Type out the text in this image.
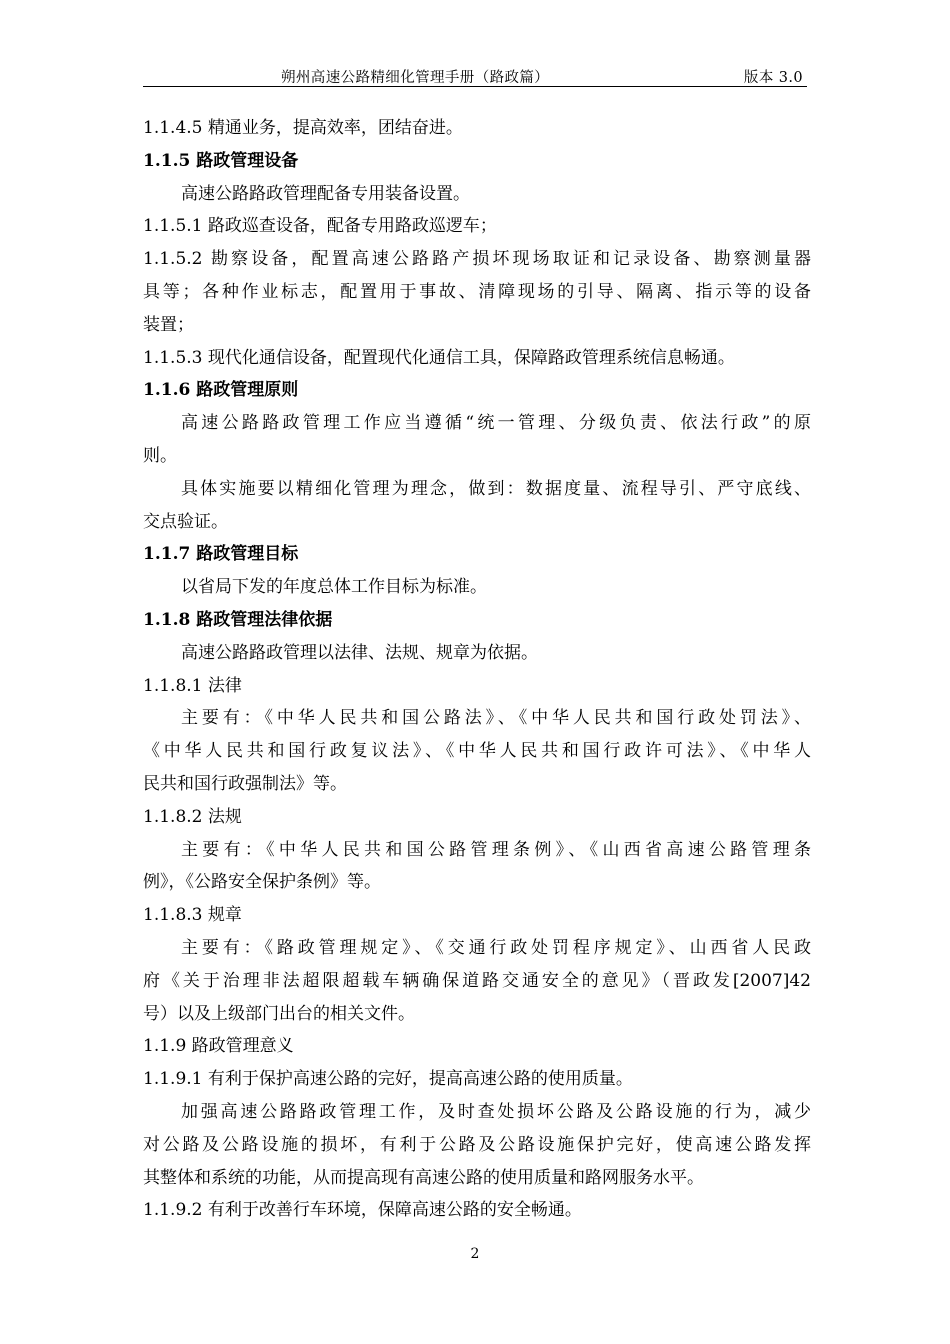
朔州高速公路精细化管理手册（路政篇）	版本 3.0
1.1.4.5 精通业务，提高效率，团结奋进。
1.1.5 路政管理设备
高速公路路政管理配备专用装备设置。
1.1.5.1 路政巡查设备，配备专用路政巡逻车；
1.1.5.2 勘察设备，配置高速公路路产损坏现场取证和记录设备、勘察测量器
具等；各种作业标志，配置用于事故、清障现场的引导、隔离、指示等的设备
装置；
1.1.5.3 现代化通信设备，配置现代化通信工具，保障路政管理系统信息畅通。
1.1.6 路政管理原则
高速公路路政管理工作应当遵循“统一管理、分级负责、依法行政”的原
则。
具体实施要以精细化管理为理念，做到：数据度量、流程导引、严守底线、
交点验证。
1.1.7 路政管理目标
以省局下发的年度总体工作目标为标准。
1.1.8 路政管理法律依据
高速公路路政管理以法律、法规、规章为依据。
1.1.8.1 法律
主要有：《中华人民共和国公路法》、《中华人民共和国行政处罚法》、
《中华人民共和国行政复议法》、《中华人民共和国行政许可法》、《中华人
民共和国行政强制法》等。
1.1.8.2 法规
主要有：《中华人民共和国公路管理条例》、《山西省高速公路管理条
例》，《公路安全保护条例》等。
1.1.8.3 规章
主要有：《路政管理规定》、《交通行政处罚程序规定》、山西省人民政
府《关于治理非法超限超载车辆确保道路交通安全的意见》（晋政发[2007]42
号）以及上级部门出台的相关文件。
1.1.9 路政管理意义
1.1.9.1 有利于保护高速公路的完好，提高高速公路的使用质量。
加强高速公路路政管理工作，及时查处损坏公路及公路设施的行为，减少
对公路及公路设施的损坏，有利于公路及公路设施保护完好，使高速公路发挥
其整体和系统的功能，从而提高现有高速公路的使用质量和路网服务水平。
1.1.9.2 有利于改善行车环境，保障高速公路的安全畅通。
2
